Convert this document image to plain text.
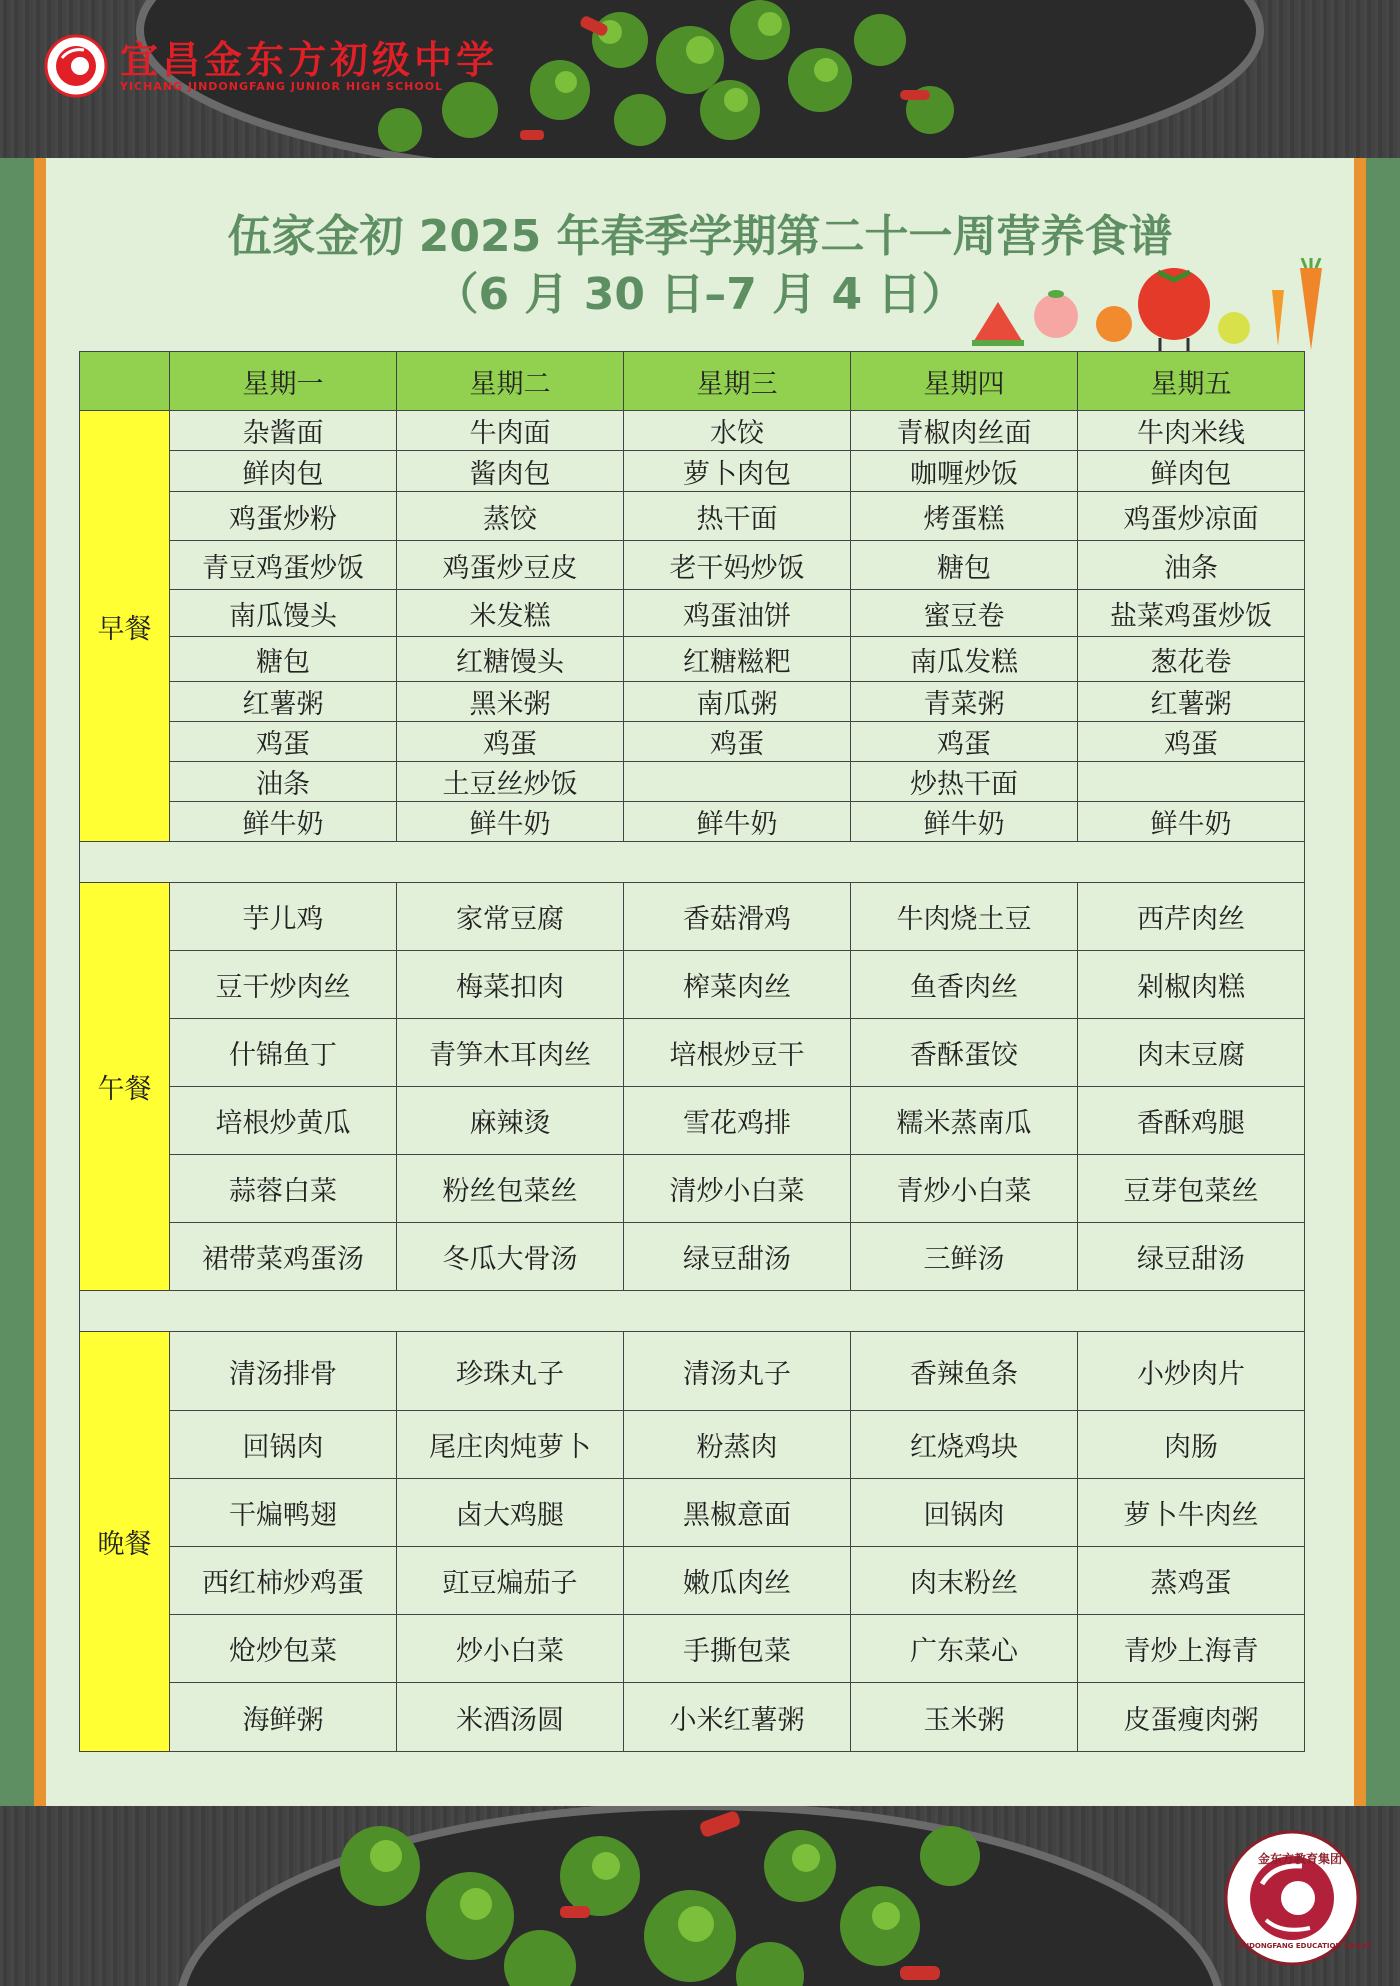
宜昌金东方初级中学
YICHANG JINDONGFANG JUNIOR HIGH SCHOOL
伍家金初 2025 年春季学期第二十一周营养食谱
（6 月 30 日–7 月 4 日）
	星期一	星期二	星期三	星期四	星期五
早餐	杂酱面	牛肉面	水饺	青椒肉丝面	牛肉米线
	鲜肉包	酱肉包	萝卜肉包	咖喱炒饭	鲜肉包
	鸡蛋炒粉	蒸饺	热干面	烤蛋糕	鸡蛋炒凉面
	青豆鸡蛋炒饭	鸡蛋炒豆皮	老干妈炒饭	糖包	油条
	南瓜馒头	米发糕	鸡蛋油饼	蜜豆卷	盐菜鸡蛋炒饭
	糖包	红糖馒头	红糖糍粑	南瓜发糕	葱花卷
	红薯粥	黑米粥	南瓜粥	青菜粥	红薯粥
	鸡蛋	鸡蛋	鸡蛋	鸡蛋	鸡蛋
	油条	土豆丝炒饭		炒热干面	
	鲜牛奶	鲜牛奶	鲜牛奶	鲜牛奶	鲜牛奶

午餐	芋儿鸡	家常豆腐	香菇滑鸡	牛肉烧土豆	西芹肉丝
	豆干炒肉丝	梅菜扣肉	榨菜肉丝	鱼香肉丝	剁椒肉糕
	什锦鱼丁	青笋木耳肉丝	培根炒豆干	香酥蛋饺	肉末豆腐
	培根炒黄瓜	麻辣烫	雪花鸡排	糯米蒸南瓜	香酥鸡腿
	蒜蓉白菜	粉丝包菜丝	清炒小白菜	青炒小白菜	豆芽包菜丝
	裙带菜鸡蛋汤	冬瓜大骨汤	绿豆甜汤	三鲜汤	绿豆甜汤

晚餐	清汤排骨	珍珠丸子	清汤丸子	香辣鱼条	小炒肉片
	回锅肉	尾庄肉炖萝卜	粉蒸肉	红烧鸡块	肉肠
	干煸鸭翅	卤大鸡腿	黑椒意面	回锅肉	萝卜牛肉丝
	西红柿炒鸡蛋	豇豆煸茄子	嫩瓜肉丝	肉末粉丝	蒸鸡蛋
	炝炒包菜	炒小白菜	手撕包菜	广东菜心	青炒上海青
	海鲜粥	米酒汤圆	小米红薯粥	玉米粥	皮蛋瘦肉粥
金东方教育集团
JINDONGFANG EDUCATION GROUP
